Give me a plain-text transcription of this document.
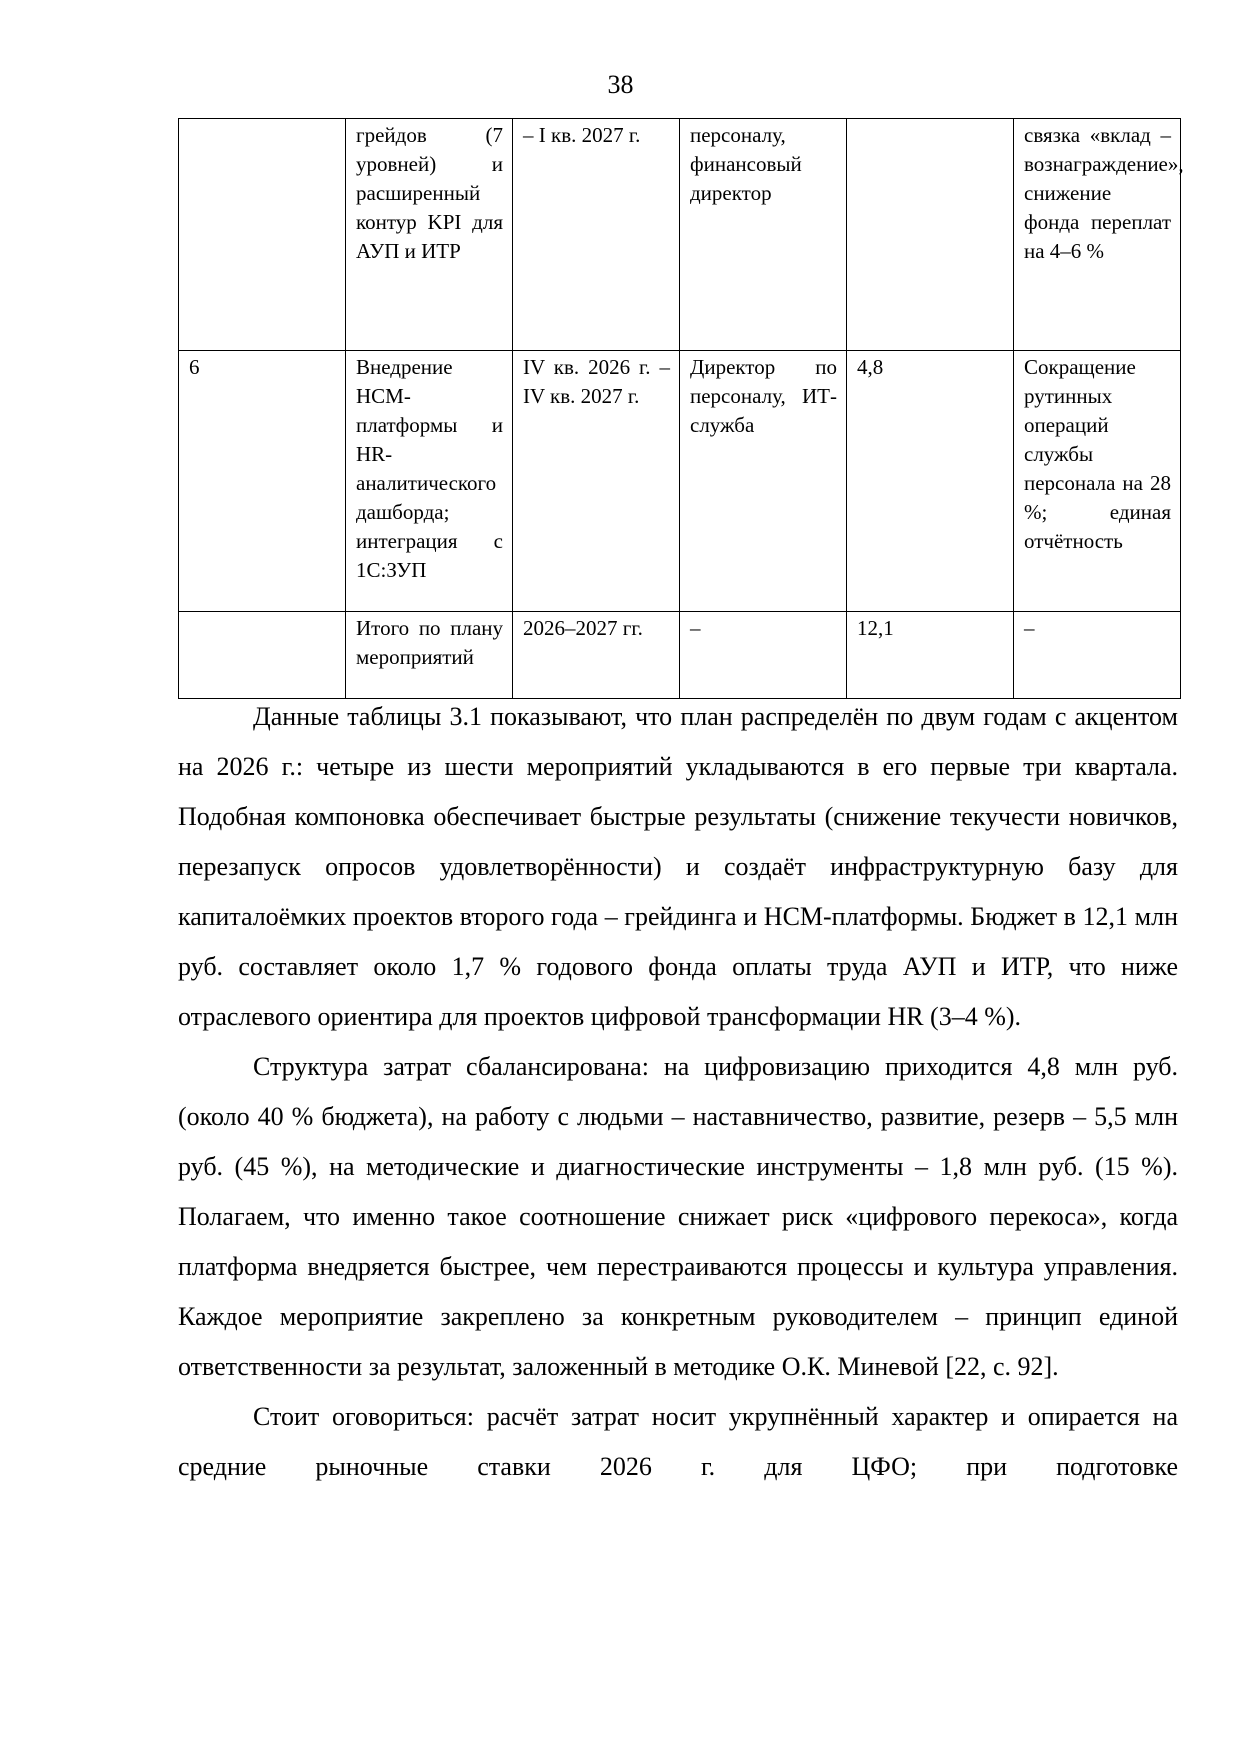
38
	грейдов (7 уровней) и расширенный контур KPI для АУП и ИТР	– I кв. 2027 г.	персоналу, финансовый директор		связка «вклад – вознаграждение», снижение фонда переплат на 4–6 %
6	Внедрение HCM-платформы и HR-аналитического дашборда; интеграция с 1С:ЗУП	IV кв. 2026 г. – IV кв. 2027 г.	Директор по персоналу, ИТ-служба	4,8	Сокращение рутинных операций службы персонала на 28 %; единая отчётность
	Итого по плану мероприятий	2026–2027 гг.	–	12,1	–

Данные таблицы 3.1 показывают, что план распределён по двум годам с акцентом на 2026 г.: четыре из шести мероприятий укладываются в его первые три квартала. Подобная компоновка обеспечивает быстрые результаты (снижение текучести новичков, перезапуск опросов удовлетворённости) и создаёт инфраструктурную базу для капиталоёмких проектов второго года – грейдинга и HCM-платформы. Бюджет в 12,1 млн руб. составляет около 1,7 % годового фонда оплаты труда АУП и ИТР, что ниже отраслевого ориентира для проектов цифровой трансформации HR (3–4 %).

Структура затрат сбалансирована: на цифровизацию приходится 4,8 млн руб. (около 40 % бюджета), на работу с людьми – наставничество, развитие, резерв – 5,5 млн руб. (45 %), на методические и диагностические инструменты – 1,8 млн руб. (15 %). Полагаем, что именно такое соотношение снижает риск «цифрового перекоса», когда платформа внедряется быстрее, чем перестраиваются процессы и культура управления. Каждое мероприятие закреплено за конкретным руководителем – принцип единой ответственности за результат, заложенный в методике О.К. Миневой [22, с. 92].

Стоит оговориться: расчёт затрат носит укрупнённый характер и опирается на средние рыночные ставки 2026 г. для ЦФО; при подготовке
